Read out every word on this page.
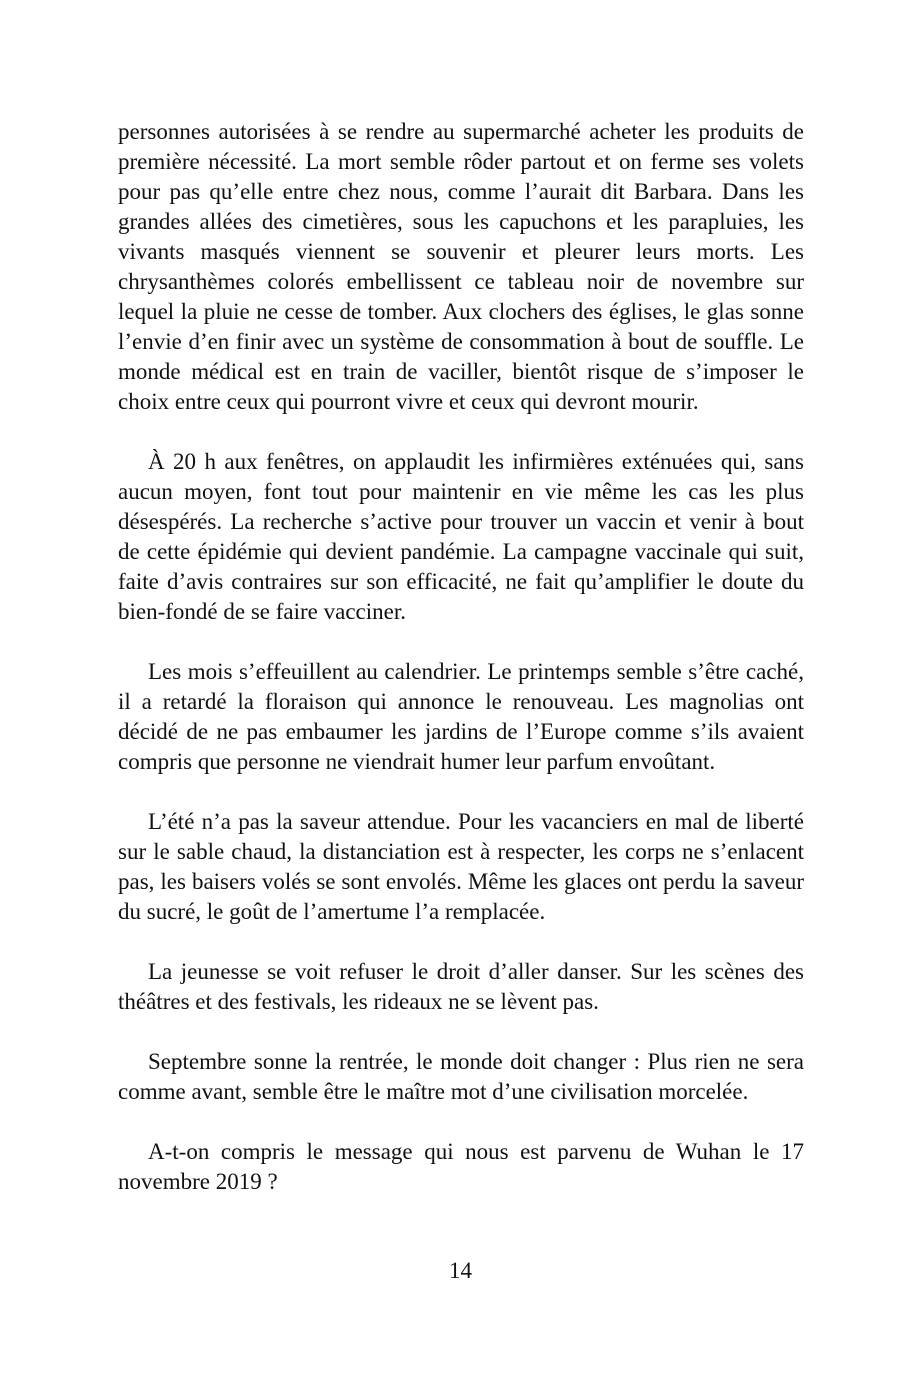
personnes autorisées à se rendre au supermarché acheter les produits de première nécessité. La mort semble rôder partout et on ferme ses volets pour pas qu’elle entre chez nous, comme l’aurait dit Barbara. Dans les grandes allées des cimetières, sous les capuchons et les parapluies, les vivants masqués viennent se souvenir et pleurer leurs morts. Les chrysanthèmes colorés embellissent ce tableau noir de novembre sur lequel la pluie ne cesse de tomber. Aux clochers des églises, le glas sonne l’envie d’en finir avec un système de consommation à bout de souffle. Le monde médical est en train de vaciller, bientôt risque de s’imposer le choix entre ceux qui pourront vivre et ceux qui devront mourir.

À 20 h aux fenêtres, on applaudit les infirmières exténuées qui, sans aucun moyen, font tout pour maintenir en vie même les cas les plus désespérés. La recherche s’active pour trouver un vaccin et venir à bout de cette épidémie qui devient pandémie. La campagne vaccinale qui suit, faite d’avis contraires sur son efficacité, ne fait qu’amplifier le doute du bien-fondé de se faire vacciner.

Les mois s’effeuillent au calendrier. Le printemps semble s’être caché, il a retardé la floraison qui annonce le renouveau. Les magnolias ont décidé de ne pas embaumer les jardins de l’Europe comme s’ils avaient compris que personne ne viendrait humer leur parfum envoûtant.

L’été n’a pas la saveur attendue. Pour les vacanciers en mal de liberté sur le sable chaud, la distanciation est à respecter, les corps ne s’enlacent pas, les baisers volés se sont envolés. Même les glaces ont perdu la saveur du sucré, le goût de l’amertume l’a remplacée.

La jeunesse se voit refuser le droit d’aller danser. Sur les scènes des théâtres et des festivals, les rideaux ne se lèvent pas.

Septembre sonne la rentrée, le monde doit changer : Plus rien ne sera comme avant, semble être le maître mot d’une civilisation morcelée.

A-t-on compris le message qui nous est parvenu de Wuhan le 17 novembre 2019 ?

14
